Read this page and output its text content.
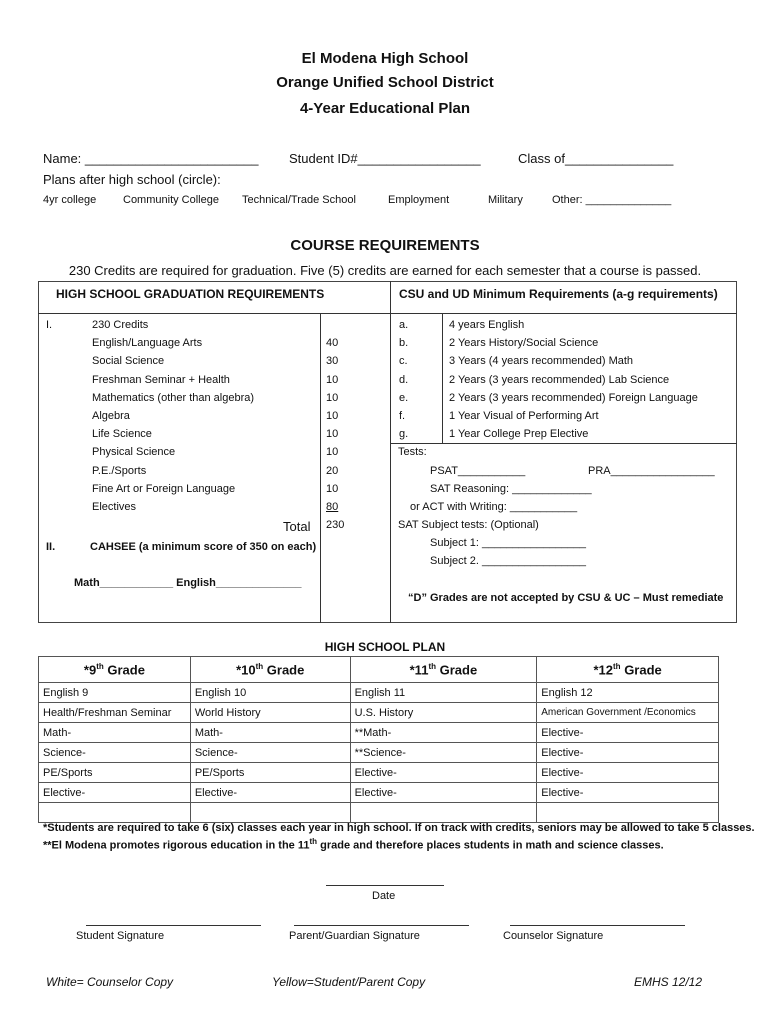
El Modena High School
Orange Unified School District
4-Year Educational Plan
Name: ________________________ Student ID#_________________	Class of_______________
Plans after high school (circle):
4yr college Community College Technical/Trade School	Employment	Military	Other: ______________
COURSE REQUIREMENTS
230 Credits are required for graduation. Five (5) credits are earned for each semester that a course is passed.
HIGH SCHOOL GRADUATION REQUIREMENTS	CSU and UD Minimum Requirements (a-g requirements)
I.	230 Credits
English/Language Arts	40
Social Science	30
Freshman Seminar + Health	10
Mathematics (other than algebra)	10
Algebra	10
Life Science	10
Physical Science	10
P.E./Sports	20
Fine Art or Foreign Language	10
Electives	80
Total 230
II.	CAHSEE (a minimum score of 350 on each)
Math____________ English______________
a.	4 years English
b.	2 Years History/Social Science
c.	3 Years (4 years recommended) Math
d.	2 Years (3 years recommended) Lab Science
e.	2 Years (3 years recommended) Foreign Language
f.	1 Year Visual of Performing Art
g.	1 Year College Prep Elective
Tests:
PSAT___________	PRA_________________
SAT Reasoning: _____________
or ACT with Writing: ___________
SAT Subject tests: (Optional)
Subject 1: _________________
Subject 2. _________________
“D” Grades are not accepted by CSU & UC – Must remediate
HIGH SCHOOL PLAN
*9th Grade	*10th Grade	*11th Grade	*12th Grade
English 9	English 10	English 11	English 12
Health/Freshman Seminar	World History	U.S. History	American Government /Economics
Math-	Math-	**Math-	Elective-
Science-	Science-	**Science-	Elective-
PE/Sports	PE/Sports	Elective-	Elective-
Elective-	Elective-	Elective-	Elective-

*Students are required to take 6 (six) classes each year in high school. If on track with credits, seniors may be allowed to take 5 classes.
**El Modena promotes rigorous education in the 11th grade and therefore places students in math and science classes.
Date
Student Signature	Parent/Guardian Signature	Counselor Signature
White= Counselor Copy	Yellow=Student/Parent Copy	EMHS 12/12
